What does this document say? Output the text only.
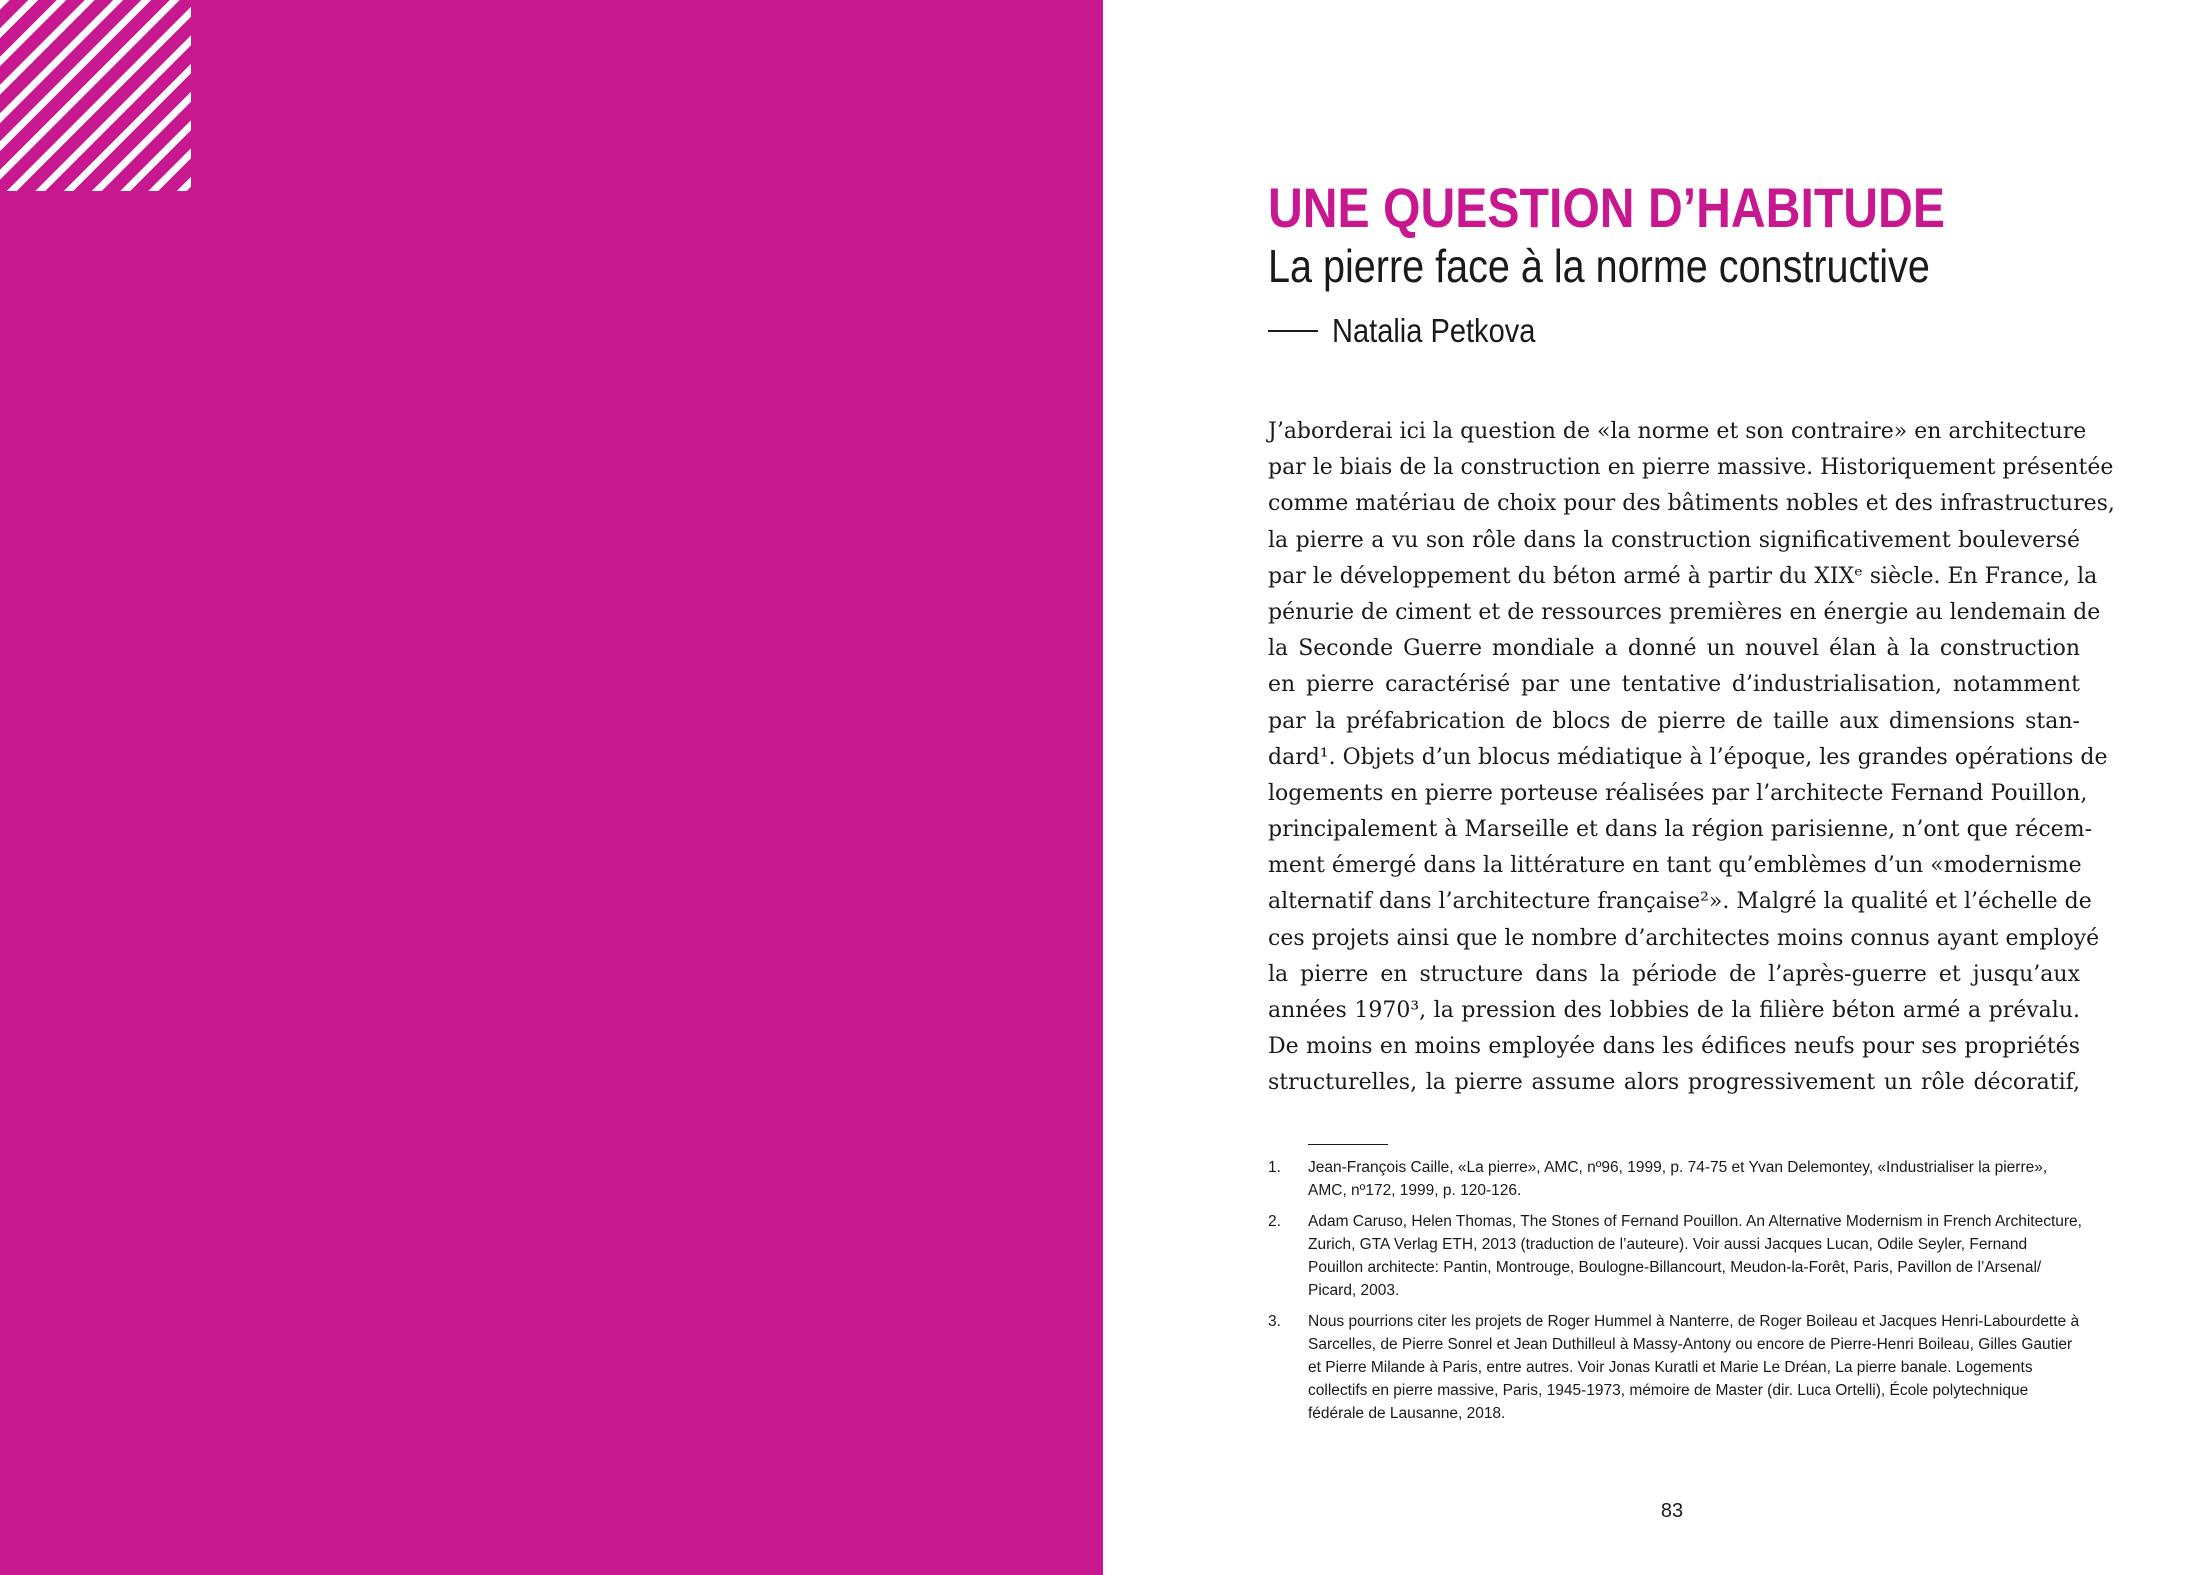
UNE QUESTION D’HABITUDE
La pierre face à la norme constructive
Natalia Petkova
J’aborderai ici la question de «la norme et son contraire» en architecture
par le biais de la construction en pierre massive. Historiquement présentée
comme matériau de choix pour des bâtiments nobles et des infrastructures,
la pierre a vu son rôle dans la construction significativement bouleversé
par le développement du béton armé à partir du XIXᵉ siècle. En France, la
pénurie de ciment et de ressources premières en énergie au lendemain de
la Seconde Guerre mondiale a donné un nouvel élan à la construction
en pierre caractérisé par une tentative d’industrialisation, notamment
par la préfabrication de blocs de pierre de taille aux dimensions stan-
dard¹. Objets d’un blocus médiatique à l’époque, les grandes opérations de
logements en pierre porteuse réalisées par l’architecte Fernand Pouillon,
principalement à Marseille et dans la région parisienne, n’ont que récem-
ment émergé dans la littérature en tant qu’emblèmes d’un «modernisme
alternatif dans l’architecture française²». Malgré la qualité et l’échelle de
ces projets ainsi que le nombre d’architectes moins connus ayant employé
la pierre en structure dans la période de l’après-guerre et jusqu’aux
années 1970³, la pression des lobbies de la filière béton armé a prévalu.
De moins en moins employée dans les édifices neufs pour ses propriétés
structurelles, la pierre assume alors progressivement un rôle décoratif,
1.	Jean-François Caille, «La pierre», AMC, nº96, 1999, p. 74-75 et Yvan Delemontey, «Industrialiser la pierre»,
AMC, nº172, 1999, p. 120-126.
2.	Adam Caruso, Helen Thomas, The Stones of Fernand Pouillon. An Alternative Modernism in French Architecture,
Zurich, GTA Verlag ETH, 2013 (traduction de l’auteure). Voir aussi Jacques Lucan, Odile Seyler, Fernand
Pouillon architecte: Pantin, Montrouge, Boulogne-Billancourt, Meudon-la-Forêt, Paris, Pavillon de l’Arsenal/
Picard, 2003.
3.	Nous pourrions citer les projets de Roger Hummel à Nanterre, de Roger Boileau et Jacques Henri-Labourdette à
Sarcelles, de Pierre Sonrel et Jean Duthilleul à Massy-Antony ou encore de Pierre-Henri Boileau, Gilles Gautier
et Pierre Milande à Paris, entre autres. Voir Jonas Kuratli et Marie Le Dréan, La pierre banale. Logements
collectifs en pierre massive, Paris, 1945-1973, mémoire de Master (dir. Luca Ortelli), École polytechnique
fédérale de Lausanne, 2018.
83
